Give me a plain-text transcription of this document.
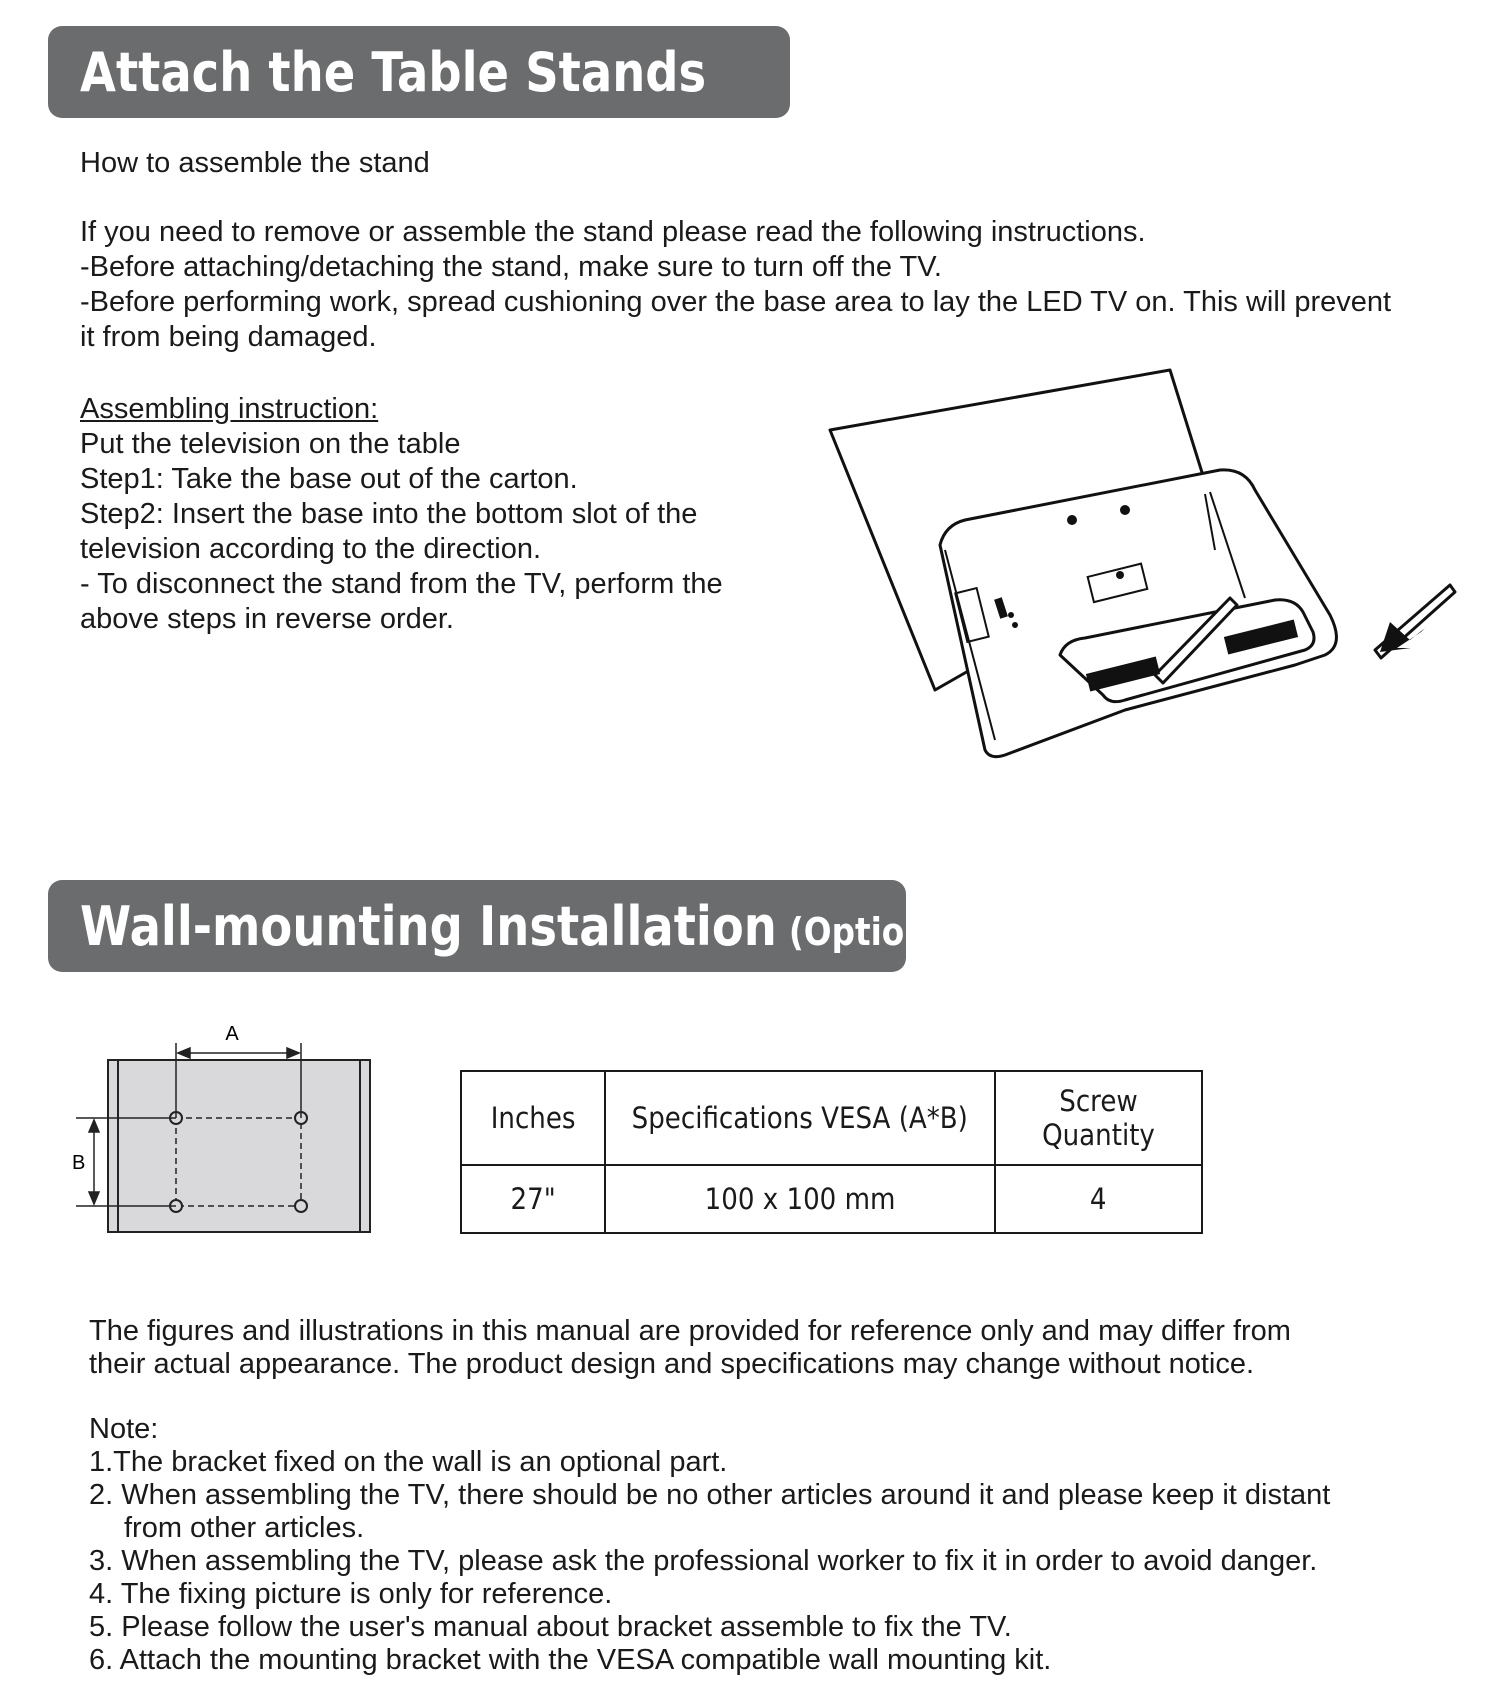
Attach the Table Stands
How to assemble the stand
If you need to remove or assemble the stand please read the following instructions.
-Before attaching/detaching the stand, make sure to turn off the TV.
-Before performing work, spread cushioning over the base area to lay the LED TV on. This will prevent
it from being damaged.
Assembling instruction:
Put the television on the table
Step1: Take the base out of the carton.
Step2: Insert the base into the bottom slot of the
television according to the direction.
- To disconnect the stand from the TV, perform the
above steps in reverse order.
Wall-mounting Installation (Optional)
A
B
Inches	Specifications VESA (A*B)	Screw Quantity
27"	100 x 100 mm	4
The figures and illustrations in this manual are provided for reference only and may differ from
their actual appearance. The product design and specifications may change without notice.
Note:
1.The bracket fixed on the wall is an optional part.
2. When assembling the TV, there should be no other articles around it and please keep it distant
from other articles.
3. When assembling the TV, please ask the professional worker to fix it in order to avoid danger.
4. The fixing picture is only for reference.
5. Please follow the user's manual about bracket assemble to fix the TV.
6. Attach the mounting bracket with the VESA compatible wall mounting kit.
